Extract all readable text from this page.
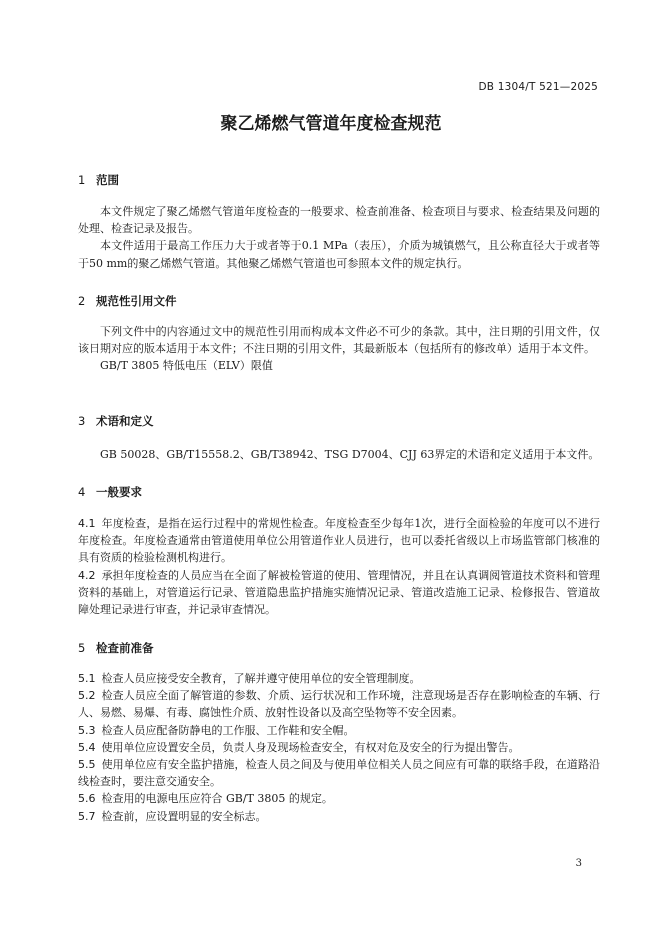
DB 1304/T 521—2025
聚乙烯燃气管道年度检查规范
1 范围

本文件规定了聚乙烯燃气管道年度检查的一般要求、检查前准备、检查项目与要求、检查结果及问题的处理、检查记录及报告。

本文件适用于最高工作压力大于或者等于0.1 MPa（表压），介质为城镇燃气，且公称直径大于或者等于50 mm的聚乙烯燃气管道。其他聚乙烯燃气管道也可参照本文件的规定执行。

2 规范性引用文件

下列文件中的内容通过文中的规范性引用而构成本文件必不可少的条款。其中，注日期的引用文件，仅该日期对应的版本适用于本文件；不注日期的引用文件，其最新版本（包括所有的修改单）适用于本文件。

GB/T 3805 特低电压（ELV）限值

3 术语和定义

GB 50028、GB/T15558.2、GB/T38942、TSG D7004、CJJ 63界定的术语和定义适用于本文件。

4 一般要求

4.1 年度检查，是指在运行过程中的常规性检查。年度检查至少每年1次，进行全面检验的年度可以不进行年度检查。年度检查通常由管道使用单位公用管道作业人员进行，也可以委托省级以上市场监管部门核准的具有资质的检验检测机构进行。

4.2 承担年度检查的人员应当在全面了解被检管道的使用、管理情况，并且在认真调阅管道技术资料和管理资料的基础上，对管道运行记录、管道隐患监护措施实施情况记录、管道改造施工记录、检修报告、管道故障处理记录进行审查，并记录审查情况。

5 检查前准备

5.1 检查人员应接受安全教育，了解并遵守使用单位的安全管理制度。

5.2 检查人员应全面了解管道的参数、介质、运行状况和工作环境，注意现场是否存在影响检查的车辆、行人、易燃、易爆、有毒、腐蚀性介质、放射性设备以及高空坠物等不安全因素。

5.3 检查人员应配备防静电的工作服、工作鞋和安全帽。

5.4 使用单位应设置安全员，负责人身及现场检查安全，有权对危及安全的行为提出警告。

5.5 使用单位应有安全监护措施，检查人员之间及与使用单位相关人员之间应有可靠的联络手段，在道路沿线检查时，要注意交通安全。

5.6 检查用的电源电压应符合 GB/T 3805 的规定。

5.7 检查前，应设置明显的安全标志。

3
